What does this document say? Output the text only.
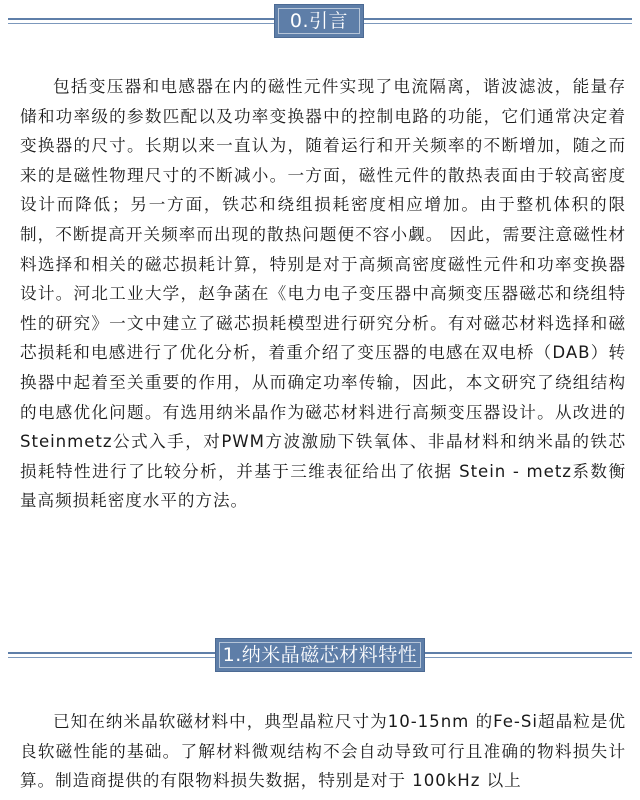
0.引言

包括变压器和电感器在内的磁性元件实现了电流隔离，谐波滤波，能量存储和功率级的参数匹配以及功率变换器中的控制电路的功能，它们通常决定着变换器的尺寸。长期以来一直认为，随着运行和开关频率的不断增加，随之而来的是磁性物理尺寸的不断减小。一方面，磁性元件的散热表面由于较高密度设计而降低；另一方面，铁芯和绕组损耗密度相应增加。由于整机体积的限制，不断提高开关频率而出现的散热问题便不容小觑。 因此，需要注意磁性材料选择和相关的磁芯损耗计算，特别是对于高频高密度磁性元件和功率变换器设计。河北工业大学，赵争菡在《电力电子变压器中高频变压器磁芯和绕组特性的研究》一文中建立了磁芯损耗模型进行研究分析。有对磁芯材料选择和磁芯损耗和电感进行了优化分析，着重介绍了变压器的电感在双电桥（DAB）转换器中起着至关重要的作用，从而确定功率传输，因此，本文研究了绕组结构的电感优化问题。有选用纳米晶作为磁芯材料进行高频变压器设计。从改进的Steinmetz公式入手，对PWM方波激励下铁氧体、非晶材料和纳米晶的铁芯损耗特性进行了比较分析，并基于三维表征给出了依据 Stein - metz系数衡量高频损耗密度水平的方法。

1.纳米晶磁芯材料特性

已知在纳米晶软磁材料中，典型晶粒尺寸为10-15nm 的Fe-Si超晶粒是优良软磁性能的基础。了解材料微观结构不会自动导致可行且准确的物料损失计算。制造商提供的有限物料损失数据，特别是对于 100kHz 以上
